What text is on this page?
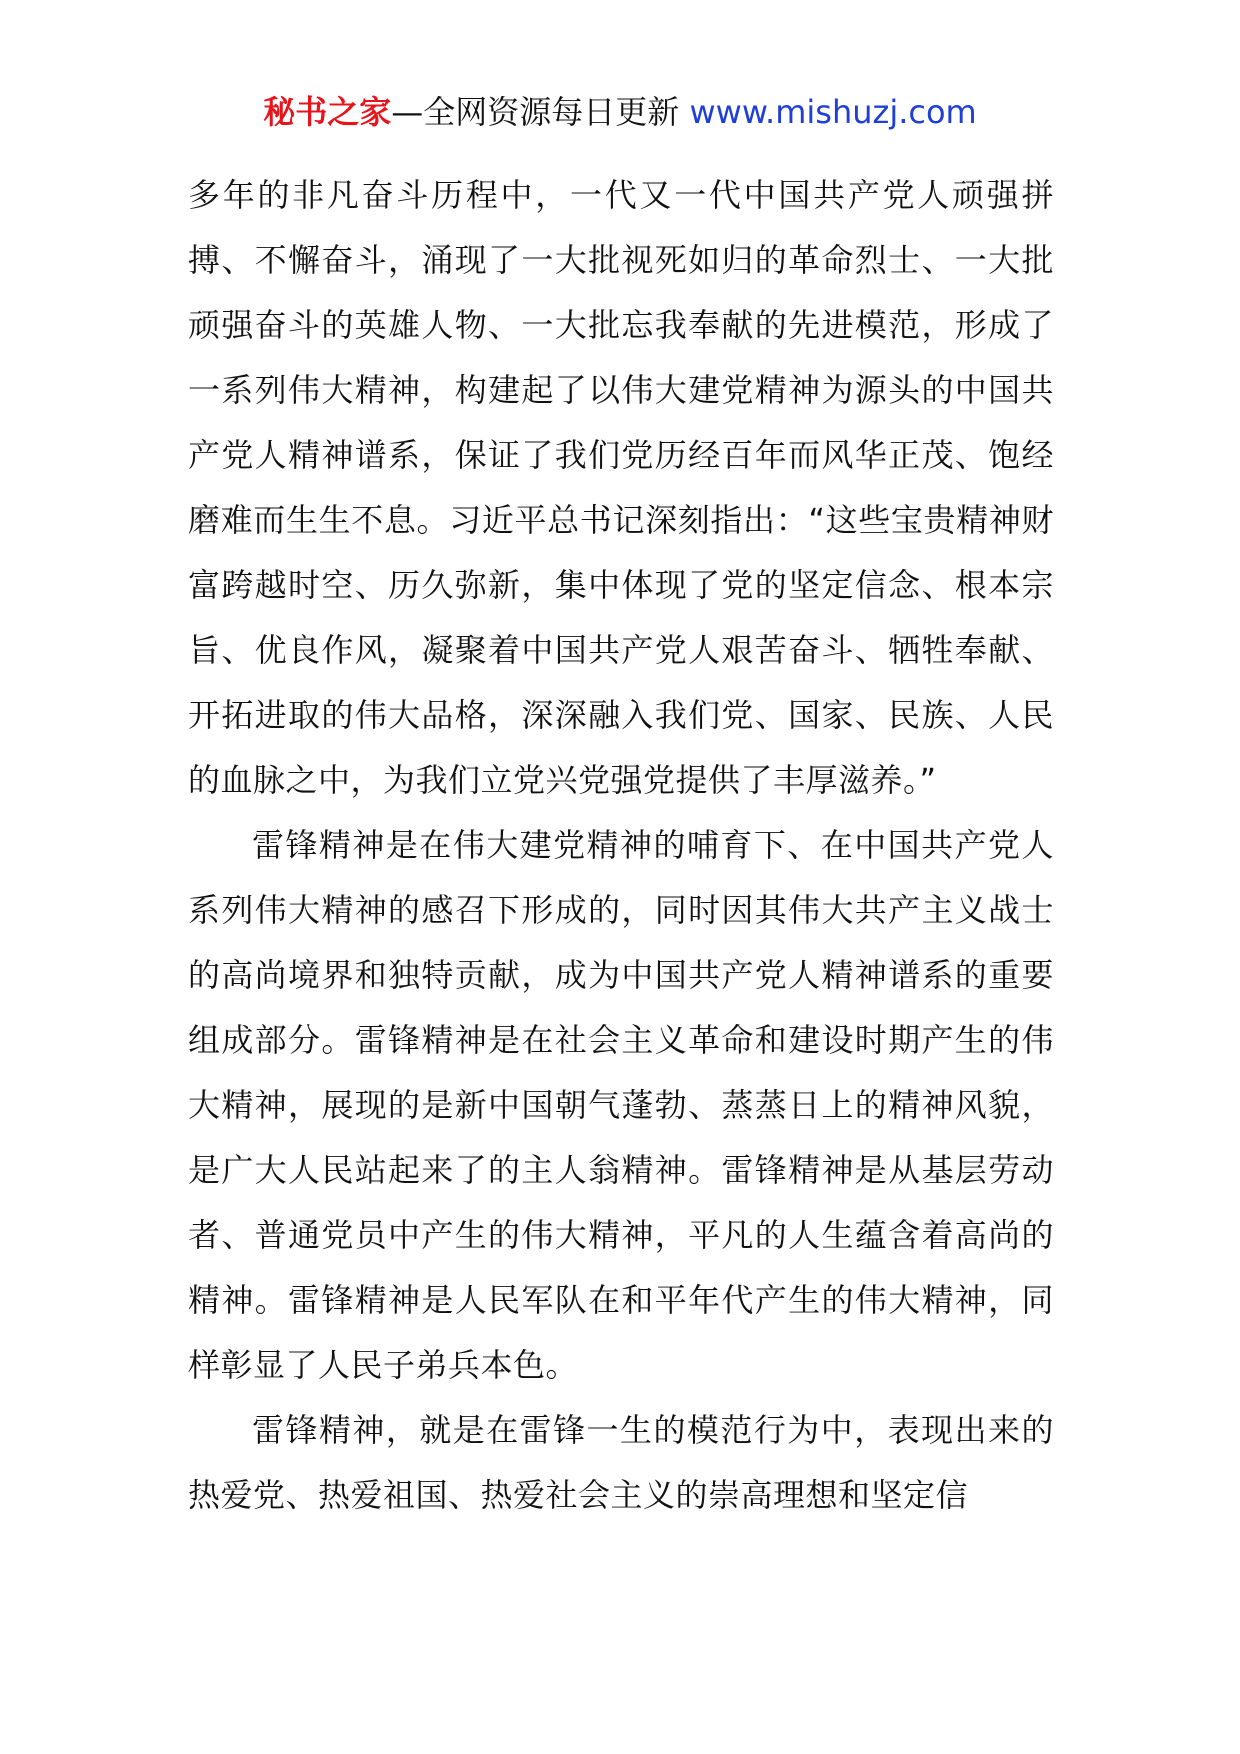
秘书之家—全网资源每日更新 www.mishuzj.com

多年的非凡奋斗历程中，一代又一代中国共产党人顽强拼搏、不懈奋斗，涌现了一大批视死如归的革命烈士、一大批顽强奋斗的英雄人物、一大批忘我奉献的先进模范，形成了一系列伟大精神，构建起了以伟大建党精神为源头的中国共产党人精神谱系，保证了我们党历经百年而风华正茂、饱经磨难而生生不息。习近平总书记深刻指出：“这些宝贵精神财富跨越时空、历久弥新，集中体现了党的坚定信念、根本宗旨、优良作风，凝聚着中国共产党人艰苦奋斗、牺牲奉献、开拓进取的伟大品格，深深融入我们党、国家、民族、人民的血脉之中，为我们立党兴党强党提供了丰厚滋养。”

雷锋精神是在伟大建党精神的哺育下、在中国共产党人系列伟大精神的感召下形成的，同时因其伟大共产主义战士的高尚境界和独特贡献，成为中国共产党人精神谱系的重要组成部分。雷锋精神是在社会主义革命和建设时期产生的伟大精神，展现的是新中国朝气蓬勃、蒸蒸日上的精神风貌，是广大人民站起来了的主人翁精神。雷锋精神是从基层劳动者、普通党员中产生的伟大精神，平凡的人生蕴含着高尚的精神。雷锋精神是人民军队在和平年代产生的伟大精神，同样彰显了人民子弟兵本色。

雷锋精神，就是在雷锋一生的模范行为中，表现出来的热爱党、热爱祖国、热爱社会主义的崇高理想和坚定信
